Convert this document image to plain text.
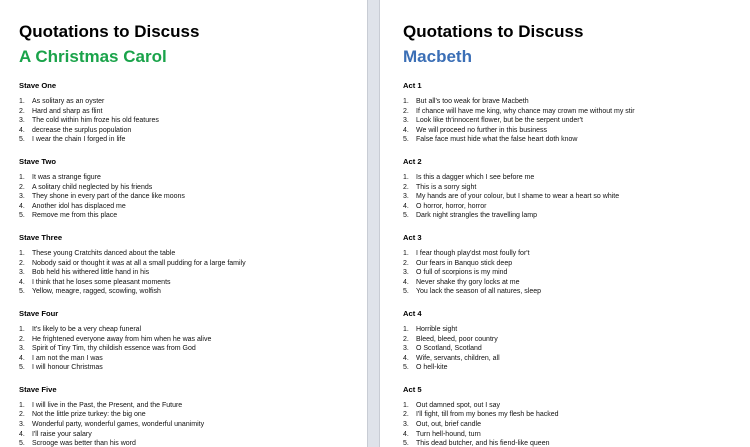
Quotations to Discuss
A Christmas Carol
Stave One
1.	As solitary as an oyster
2.	Hard and sharp as flint
3.	The cold within him froze his old features
4.	decrease the surplus population
5.	I wear the chain I forged in life
Stave Two
1.	It was a strange figure
2.	A solitary child neglected by his friends
3.	They shone in every part of the dance like moons
4.	Another idol has displaced me
5.	Remove me from this place
Stave Three
1.	These young Cratchits danced about the table
2.	Nobody said or thought it was at all a small pudding for a large family
3.	Bob held his withered little hand in his
4.	I think that he loses some pleasant moments
5.	Yellow, meagre, ragged, scowling, wolfish
Stave Four
1.	It's likely to be a very cheap funeral
2.	He frightened everyone away from him when he was alive
3.	Spirit of Tiny Tim, thy childish essence was from God
4.	I am not the man I was
5.	I will honour Christmas
Stave Five
1.	I will live in the Past, the Present, and the Future
2.	Not the little prize turkey: the big one
3.	Wonderful party, wonderful games, wonderful unanimity
4.	I'll raise your salary
5.	Scrooge was better than his word
Quotations to Discuss
Macbeth
Act 1
1.	But all's too weak for brave Macbeth
2.	If chance will have me king, why chance may crown me without my stir
3.	Look like th'innocent flower, but be the serpent under't
4.	We will proceed no further in this business
5.	False face must hide what the false heart doth know
Act 2
1.	Is this a dagger which I see before me
2.	This is a sorry sight
3.	My hands are of your colour, but I shame to wear a heart so white
4.	O horror, horror, horror
5.	Dark night strangles the travelling lamp
Act 3
1.	I fear though play'dst most foully for't
2.	Our fears in Banquo stick deep
3.	O full of scorpions is my mind
4.	Never shake thy gory locks at me
5.	You lack the season of all natures, sleep
Act 4
1.	Horrible sight
2.	Bleed, bleed, poor country
3.	O Scotland, Scotland
4.	Wife, servants, children, all
5.	O hell-kite
Act 5
1.	Out damned spot, out I say
2.	I'll fight, till from my bones my flesh be hacked
3.	Out, out, brief candle
4.	Turn hell-hound, turn
5.	This dead butcher, and his fiend-like queen
